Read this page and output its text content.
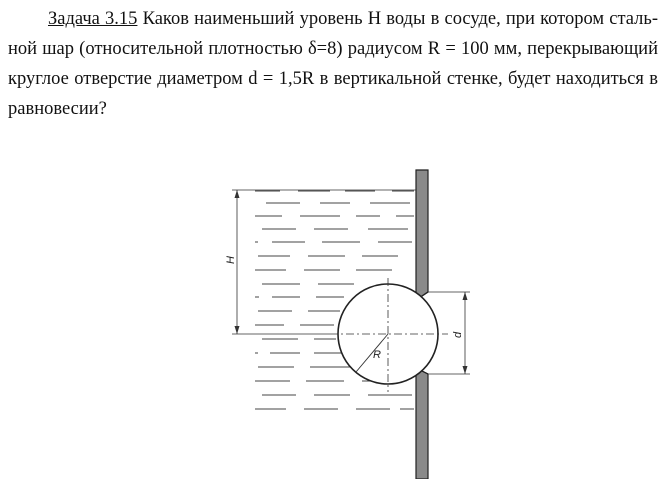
Задача 3.15 Каков наименьший уровень H воды в сосуде, при котором сталь-
ной шар (относительной плотностью δ=8) радиусом R = 100 мм, перекрывающий
круглое отверстие диаметром d = 1,5R в вертикальной стенке, будет находиться в
равновесии?

R
H
d
